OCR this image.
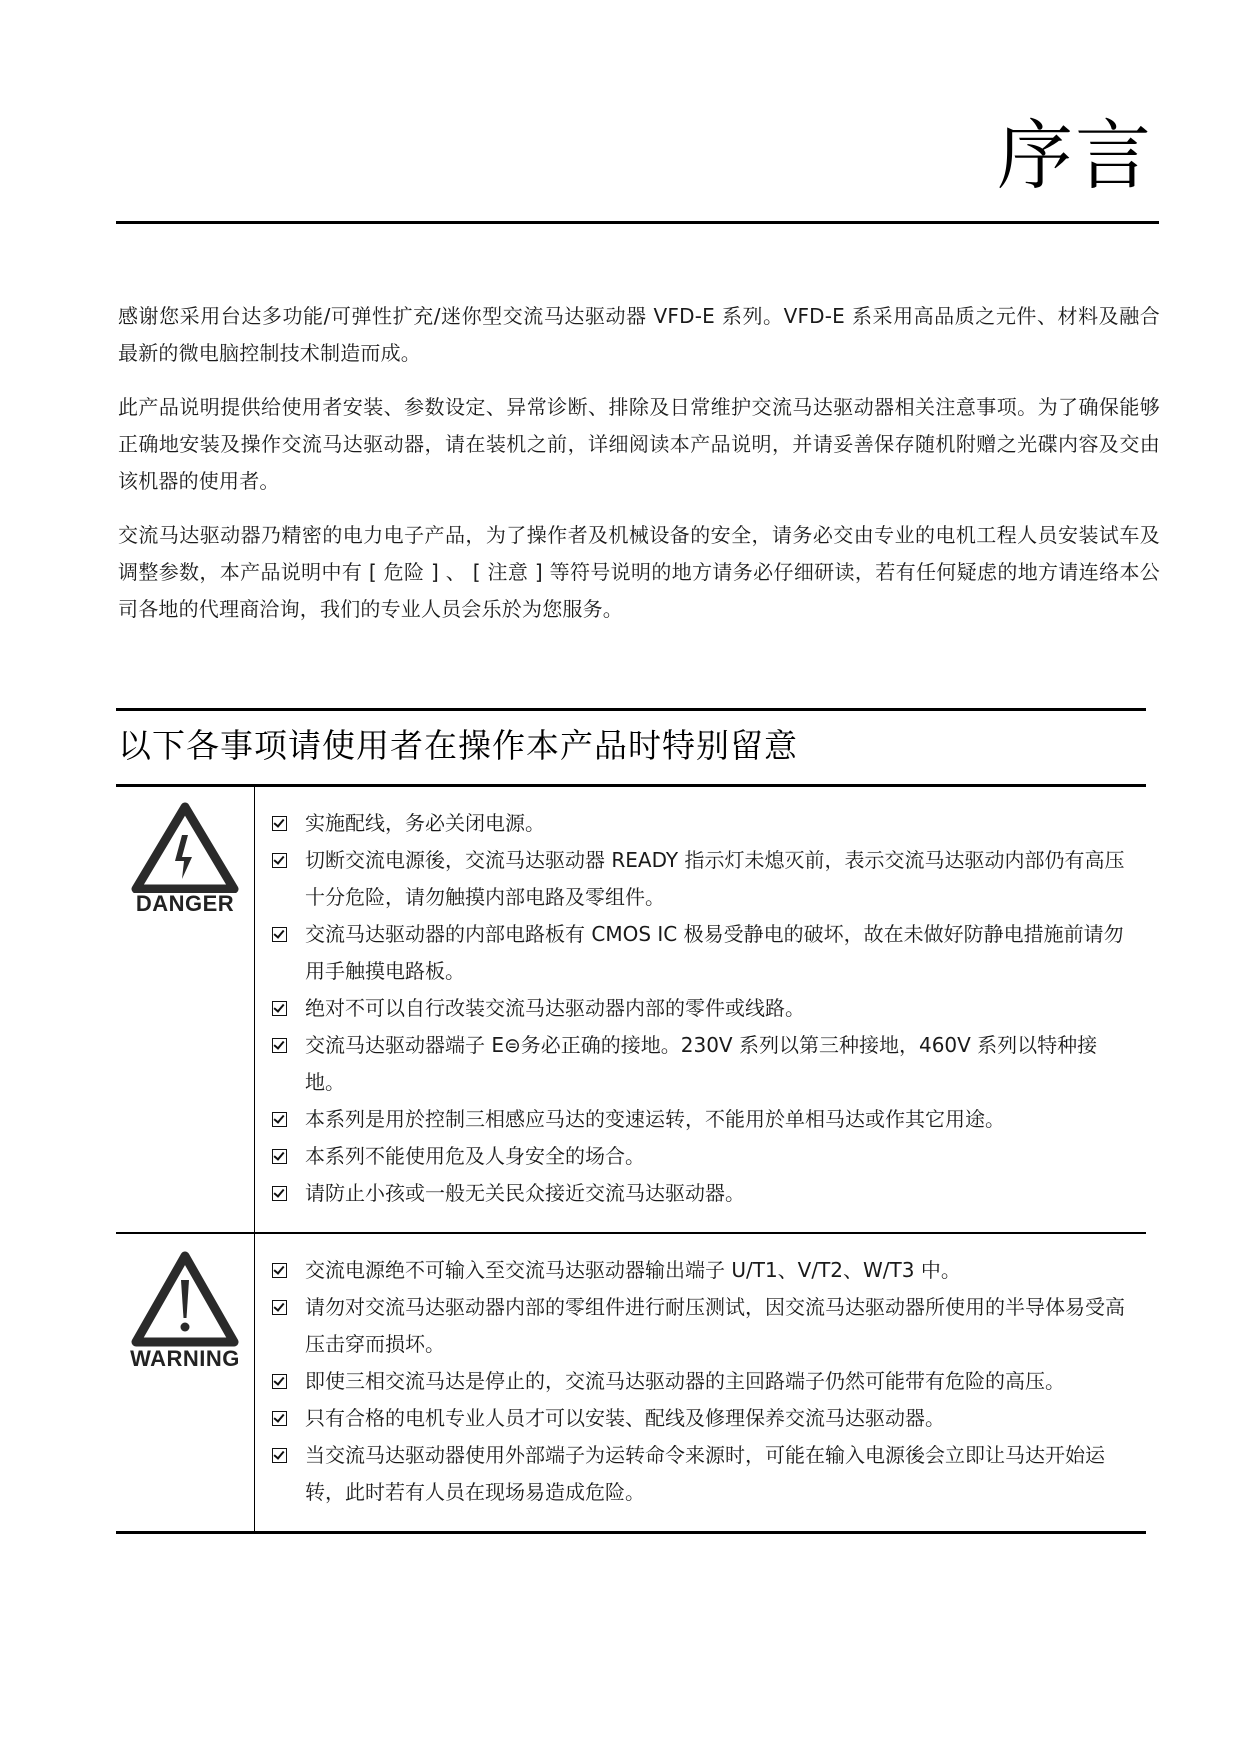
序言

感谢您采用台达多功能/可弹性扩充/迷你型交流马达驱动器 VFD-E 系列。VFD-E 系采用高品质之元件、材料及融合最新的微电脑控制技术制造而成。

此产品说明提供给使用者安装、参数设定、异常诊断、排除及日常维护交流马达驱动器相关注意事项。为了确保能够正确地安装及操作交流马达驱动器，请在装机之前，详细阅读本产品说明，并请妥善保存随机附赠之光碟内容及交由该机器的使用者。

交流马达驱动器乃精密的电力电子产品，为了操作者及机械设备的安全，请务必交由专业的电机工程人员安装试车及调整参数，本产品说明中有 [ 危险 ] 、 [ 注意 ] 等符号说明的地方请务必仔细研读，若有任何疑虑的地方请连络本公司各地的代理商洽询，我们的专业人员会乐於为您服务。

以下各事项请使用者在操作本产品时特别留意
DANGER
实施配线，务必关闭电源。
切断交流电源後，交流马达驱动器 READY 指示灯未熄灭前，表示交流马达驱动内部仍有高压十分危险，请勿触摸内部电路及零组件。
交流马达驱动器的内部电路板有 CMOS IC 极易受静电的破坏，故在未做好防静电措施前请勿用手触摸电路板。
绝对不可以自行改装交流马达驱动器内部的零件或线路。
交流马达驱动器端子 E⊜务必正确的接地。230V 系列以第三种接地，460V 系列以特种接地。
本系列是用於控制三相感应马达的变速运转，不能用於单相马达或作其它用途。
本系列不能使用危及人身安全的场合。
请防止小孩或一般无关民众接近交流马达驱动器。
WARNING
交流电源绝不可输入至交流马达驱动器输出端子 U/T1、V/T2、W/T3 中。
请勿对交流马达驱动器内部的零组件进行耐压测试，因交流马达驱动器所使用的半导体易受高压击穿而损坏。
即使三相交流马达是停止的，交流马达驱动器的主回路端子仍然可能带有危险的高压。
只有合格的电机专业人员才可以安装、配线及修理保养交流马达驱动器。
当交流马达驱动器使用外部端子为运转命令来源时，可能在输入电源後会立即让马达开始运转，此时若有人员在现场易造成危险。
